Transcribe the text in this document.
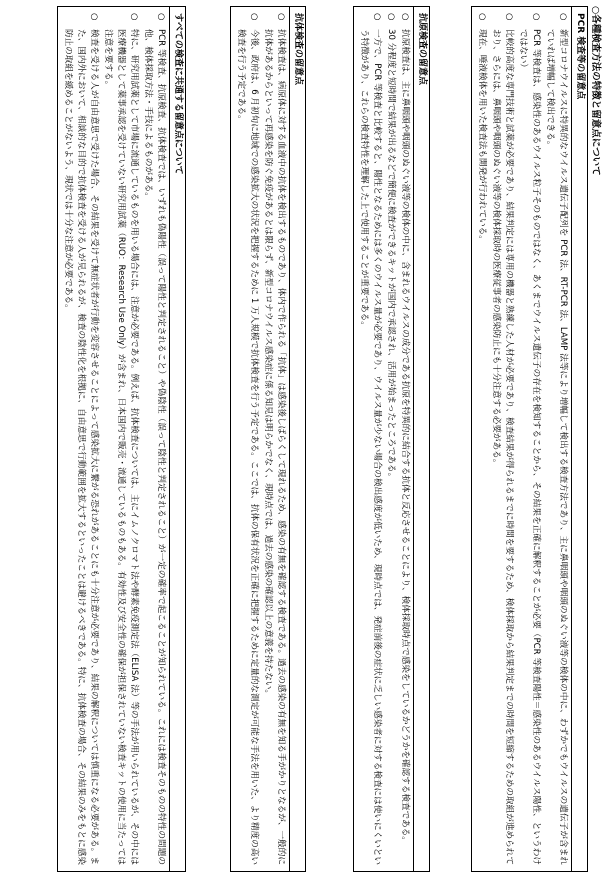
○各種検査方法の特徴と留意点について
PCR 検査等の留意点
○
新型コロナウイルスに特異的なウイルス遺伝子配列を PCR 法、RT-PCR 法、LAMP 法等により増幅して検出する検査方法であり、主に鼻咽頭や咽頭のぬぐい液等の検体の中に、わずかでもウイルスの遺伝子が含まれていれば増幅して検出できる。
○
PCR 等検査は、感染性のあるウイルス粒子そのものではなく、あくまでウイルス遺伝子の存在を検知することから、その結果を正確に解釈することが必要（PCR 等検査陽性＝感染性のあるウイルス陽性、というわけではない）
○
比較的高度な専門技術と試薬が必要であり、結果判定には専用の機器と熟練した人材が必要であり、検査結果が得られるまでに時間を要するため、検体採取から結果判定までの時間を短縮するための取組が進められており、さらには、鼻咽頭や咽頭のぬぐい液等の検体採取時の医療従事者の感染防止にも十分注意する必要がある。
○
現在、唾液検体を用いた検査法も開発が行われている。
抗原検査の留意点
○
抗原検査は、主に鼻咽頭や咽頭のぬぐい液等の検体の中に、含まれるウイルスの成分である抗原を特異的に結合する抗体と反応させることにより、検体採取時点で感染をしているかどうかを確認する検査である。
○
30 分程度と短時間で結果が出るなどで簡便に検査ができるキットが国内で承認され、活用が始まったところである。
○
一方で、PCR 等検査と比較すると、陽性となるためには多くのウイルス量が必要であり、ウイルス量が少ない場合の検出感度が低いため、現時点では、発症前後の症状に乏しい感染者に対する検査には使いにくいという特徴があり、これらの検査特性を理解した上で使用することが重要である。
抗体検査の留意点
○
抗体検査は、病原体に対する血液中の抗体を検出するものであり、体内で作られる「抗体」は感染後しばらくして現れるため、感染の有無を確認する検査である。過去の感染の有無を知る手がかりとなるが、一般的に抗体があるからといって再感染を防ぐ免疫があるとは限らず、新型コロナウイルス感染症に係る知見は明らかでなく、現時点では、過去の感染の確認以上の意義を持たない。
○
今後、政府は、6 月初旬に地域での感染拡大の状況を把握するために 1 万人規模で抗体検査を行う予定である。ここでは、抗体の保有状況を正確に把握するために定量的な測定が可能な手法を用いた、より精度の高い検査を行う予定である。
すべての検査に共通する留意点について
○
PCR 等検査、抗原検査、抗体検査では、いずれも偽陽性（誤って陽性と判定されること）や偽陰性（誤って陰性と判定されること）が一定の確率で起こることが知られている。これには検査そのものの特性の問題の他、検体採取方法・手技によるものがある。
○
特に、研究用試薬として市場に流通しているものを用いる場合には、注意が必要である。例えば、抗体検査については、主にイムノクロマト法や酵素免疫測定法（ELISA 法）等の手法が用いられているが、その中には医療機器として薬事承認を受けていない研究用試薬（RUO：Research Use Only）が含まれ、日本国内で販売・流通しているものもある。有効性及び安全性の確保が担保されていない検査キットの使用に当たっては注意を要する。
○
検査を受ける人が自由意思で受けた場合、その結果を受けて無症状者が行動を変容させることによって感染拡大に繋がる恐れがあることにも十分注意が必要であり、結果の解釈については慎重になる必要がある。また、国内外において、相談的な目的で抗体検査を受ける人が見られるが、検査の陰性化を根拠に、自由意思で行動範囲を拡大するといったことは避けるべきである。特に、抗体検査の場合、その結果のみをもとに感染防止の取組を緩めることがないよう、現状では十分な注意が必要である。
